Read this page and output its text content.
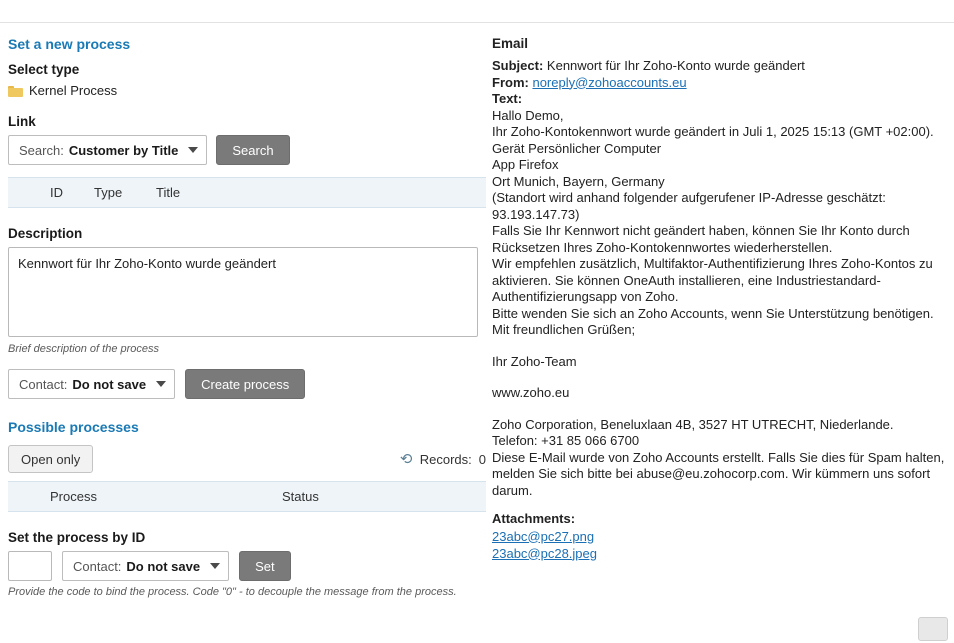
Set a new process
Select type
Kernel Process
Link
Search: Customer by Title	Search
	ID	Type	Title
Description
Kennwort für Ihr Zoho-Konto wurde geändert
Brief description of the process
Contact: Do not save	Create process
Possible processes
Open only	⟳ Records: 0
	Process	Status
Set the process by ID
Contact: Do not save	Set
Provide the code to bind the process. Code "0" - to decouple the message from the process.
Email
Subject: Kennwort für Ihr Zoho-Konto wurde geändert
From: noreply@zohoaccounts.eu
Text:
Hallo Demo,
Ihr Zoho-Kontokennwort wurde geändert in Juli 1, 2025 15:13 (GMT +02:00).
Gerät Persönlicher Computer
App Firefox
Ort Munich, Bayern, Germany
(Standort wird anhand folgender aufgerufener IP-Adresse geschätzt:
93.193.147.73)
Falls Sie Ihr Kennwort nicht geändert haben, können Sie Ihr Konto durch
Rücksetzen Ihres Zoho-Kontokennwortes wiederherstellen.
Wir empfehlen zusätzlich, Multifaktor-Authentifizierung Ihres Zoho-Kontos zu
aktivieren. Sie können OneAuth installieren, eine Industriestandard-
Authentifizierungsapp von Zoho.
Bitte wenden Sie sich an Zoho Accounts, wenn Sie Unterstützung benötigen.
Mit freundlichen Grüßen;
Ihr Zoho-Team
www.zoho.eu
Zoho Corporation, Beneluxlaan 4B, 3527 HT UTRECHT, Niederlande.
Telefon: +31 85 066 6700
Diese E-Mail wurde von Zoho Accounts erstellt. Falls Sie dies für Spam halten,
melden Sie sich bitte bei abuse@eu.zohocorp.com. Wir kümmern uns sofort
darum.
Attachments:
23abc@pc27.png
23abc@pc28.jpeg
